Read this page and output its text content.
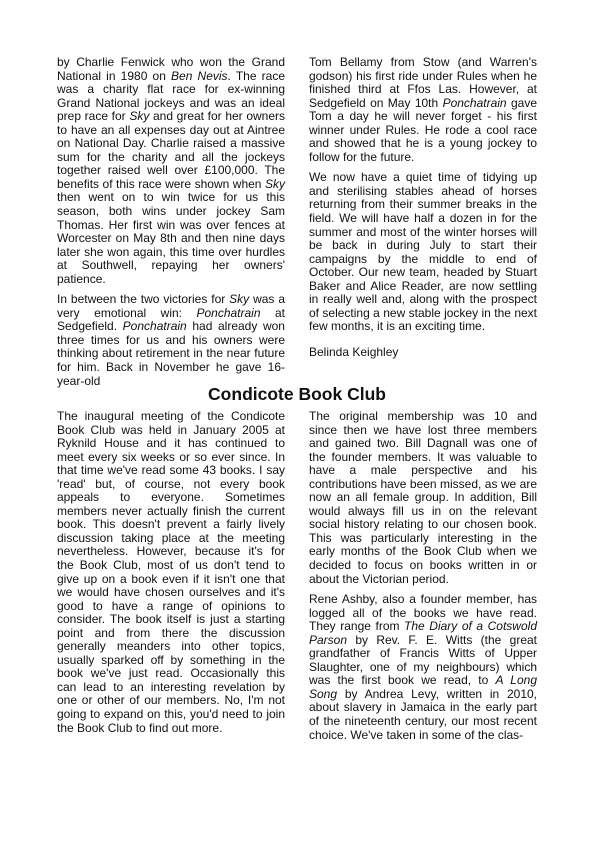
by Charlie Fenwick who won the Grand National in 1980 on Ben Nevis. The race was a charity flat race for ex-winning Grand National jockeys and was an ideal prep race for Sky and great for her owners to have an all expenses day out at Aintree on National Day. Charlie raised a massive sum for the charity and all the jockeys together raised well over £100,000. The benefits of this race were shown when Sky then went on to win twice for us this season, both wins under jockey Sam Thomas. Her first win was over fences at Worcester on May 8th and then nine days later she won again, this time over hurdles at Southwell, repaying her owners' patience.

In between the two victories for Sky was a very emotional win: Ponchatrain at Sedgefield. Ponchatrain had already won three times for us and his owners were thinking about retirement in the near future for him. Back in November he gave 16-year-old

Tom Bellamy from Stow (and Warren's godson) his first ride under Rules when he finished third at Ffos Las. However, at Sedgefield on May 10th Ponchatrain gave Tom a day he will never forget - his first winner under Rules. He rode a cool race and showed that he is a young jockey to follow for the future.

We now have a quiet time of tidying up and sterilising stables ahead of horses returning from their summer breaks in the field. We will have half a dozen in for the summer and most of the winter horses will be back in during July to start their campaigns by the middle to end of October. Our new team, headed by Stuart Baker and Alice Reader, are now settling in really well and, along with the prospect of selecting a new stable jockey in the next few months, it is an exciting time.

Belinda Keighley

Condicote Book Club

The inaugural meeting of the Condicote Book Club was held in January 2005 at Ryknild House and it has continued to meet every six weeks or so ever since. In that time we've read some 43 books. I say 'read' but, of course, not every book appeals to everyone. Sometimes members never actually finish the current book. This doesn't prevent a fairly lively discussion taking place at the meeting nevertheless. However, because it's for the Book Club, most of us don't tend to give up on a book even if it isn't one that we would have chosen ourselves and it's good to have a range of opinions to consider. The book itself is just a starting point and from there the discussion generally meanders into other topics, usually sparked off by something in the book we've just read. Occasionally this can lead to an interesting revelation by one or other of our members. No, I'm not going to expand on this, you'd need to join the Book Club to find out more.

The original membership was 10 and since then we have lost three members and gained two. Bill Dagnall was one of the founder members. It was valuable to have a male perspective and his contributions have been missed, as we are now an all female group. In addition, Bill would always fill us in on the relevant social history relating to our chosen book. This was particularly interesting in the early months of the Book Club when we decided to focus on books written in or about the Victorian period.

Rene Ashby, also a founder member, has logged all of the books we have read. They range from The Diary of a Cotswold Parson by Rev. F. E. Witts (the great grandfather of Francis Witts of Upper Slaughter, one of my neighbours) which was the first book we read, to A Long Song by Andrea Levy, written in 2010, about slavery in Jamaica in the early part of the nineteenth century, our most recent choice. We've taken in some of the clas-
